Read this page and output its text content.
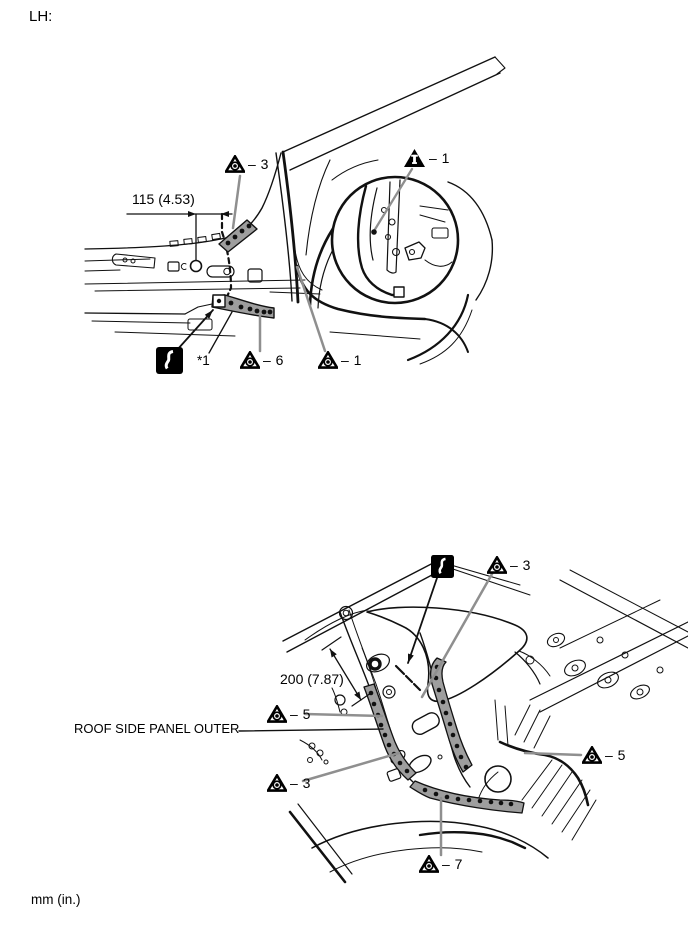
LH:
115 (4.53)
*1
200 (7.87)
ROOF SIDE PANEL OUTER
mm (in.)
– 3	– 1
– 6	– 1
– 3
– 5
– 3
– 5
– 7
